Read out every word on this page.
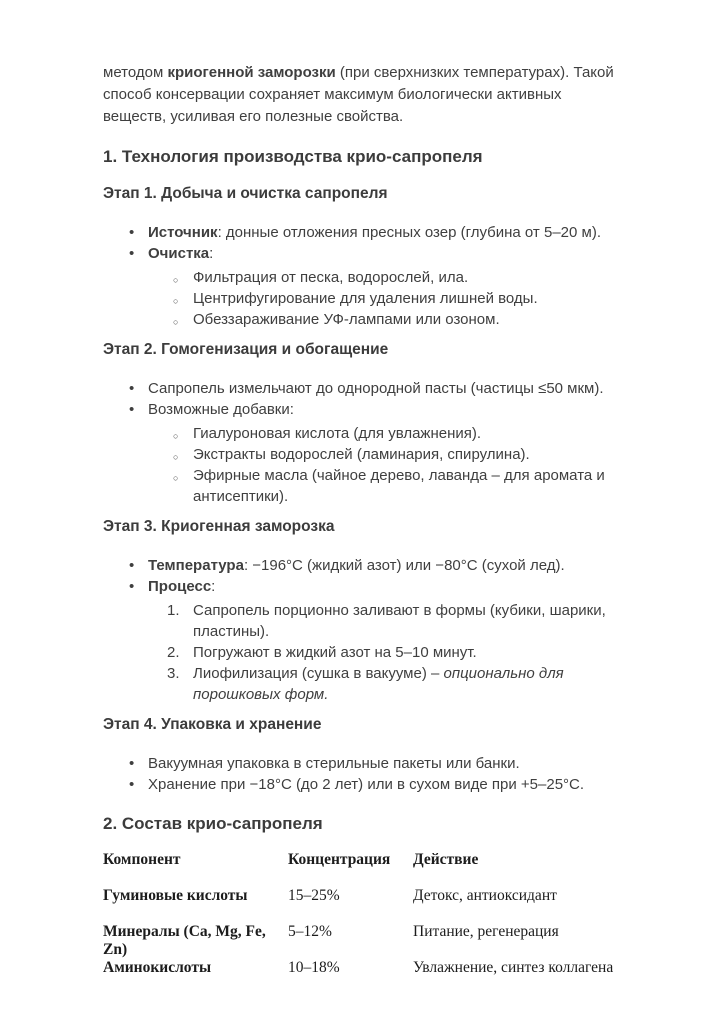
методом криогенной заморозки (при сверхнизких температурах). Такой способ консервации сохраняет максимум биологически активных веществ, усиливая его полезные свойства.

1. Технология производства крио-сапропеля
Этап 1. Добыча и очистка сапропеля
• Источник: донные отложения пресных озер (глубина от 5–20 м).
• Очистка:
○ Фильтрация от песка, водорослей, ила.
○ Центрифугирование для удаления лишней воды.
○ Обеззараживание УФ-лампами или озоном.
Этап 2. Гомогенизация и обогащение
• Сапропель измельчают до однородной пасты (частицы ≤50 мкм).
• Возможные добавки:
○ Гиалуроновая кислота (для увлажнения).
○ Экстракты водорослей (ламинария, спирулина).
○ Эфирные масла (чайное дерево, лаванда – для аромата и антисептики).
Этап 3. Криогенная заморозка
• Температура: −196°C (жидкий азот) или −80°C (сухой лед).
• Процесс:
1. Сапропель порционно заливают в формы (кубики, шарики, пластины).
2. Погружают в жидкий азот на 5–10 минут.
3. Лиофилизация (сушка в вакууме) – опционально для порошковых форм.
Этап 4. Упаковка и хранение
• Вакуумная упаковка в стерильные пакеты или банки.
• Хранение при −18°C (до 2 лет) или в сухом виде при +5–25°C.
2. Состав крио-сапропеля
Компонент	Концентрация	Действие
Гуминовые кислоты	15–25%	Детокс, антиоксидант
Минералы (Ca, Mg, Fe, Zn)	5–12%	Питание, регенерация
Аминокислоты	10–18%	Увлажнение, синтез коллагена
